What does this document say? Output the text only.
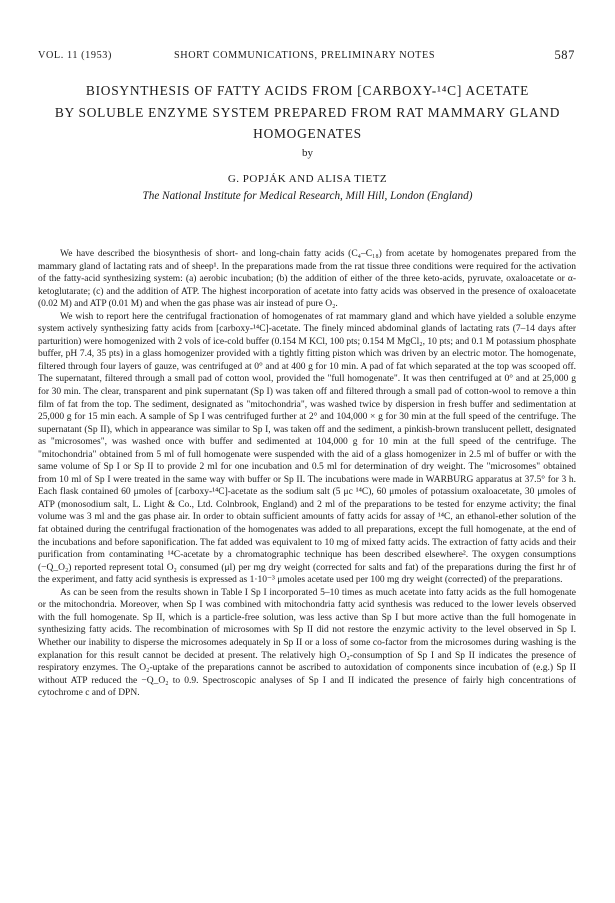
VOL. 11 (1953)	SHORT COMMUNICATIONS, PRELIMINARY NOTES	587
BIOSYNTHESIS OF FATTY ACIDS FROM [CARBOXY-¹⁴C] ACETATE
BY SOLUBLE ENZYME SYSTEM PREPARED FROM RAT MAMMARY GLAND
HOMOGENATES
by
G. POPJÁK AND ALISA TIETZ
The National Institute for Medical Research, Mill Hill, London (England)

We have described the biosynthesis of short- and long-chain fatty acids (C₄–C₁₈) from acetate by homogenates prepared from the mammary gland of lactating rats and of sheep¹. In the preparations made from the rat tissue three conditions were required for the activation of the fatty-acid synthesizing system: (a) aerobic incubation; (b) the addition of either of the three keto-acids, pyruvate, oxaloacetate or α-ketoglutarate; (c) and the addition of ATP. The highest incorporation of acetate into fatty acids was observed in the presence of oxaloacetate (0.02 M) and ATP (0.01 M) and when the gas phase was air instead of pure O₂.

We wish to report here the centrifugal fractionation of homogenates of rat mammary gland and which have yielded a soluble enzyme system actively synthesizing fatty acids from [carboxy-¹⁴C]-acetate. The finely minced abdominal glands of lactating rats (7–14 days after parturition) were homogenized with 2 vols of ice-cold buffer (0.154 M KCl, 100 pts; 0.154 M MgCl₂, 10 pts; and 0.1 M potassium phosphate buffer, pH 7.4, 35 pts) in a glass homogenizer provided with a tightly fitting piston which was driven by an electric motor. The homogenate, filtered through four layers of gauze, was centrifuged at 0° and at 400 g for 10 min. A pad of fat which separated at the top was scooped off. The supernatant, filtered through a small pad of cotton wool, provided the "full homogenate". It was then centrifuged at 0° and at 25,000 g for 30 min. The clear, transparent and pink supernatant (Sp I) was taken off and filtered through a small pad of cotton-wool to remove a thin film of fat from the top. The sediment, designated as "mitochondria", was washed twice by dispersion in fresh buffer and sedimentation at 25,000 g for 15 min each. A sample of Sp I was centrifuged further at 2° and 104,000 × g for 30 min at the full speed of the centrifuge. The supernatant (Sp II), which in appearance was similar to Sp I, was taken off and the sediment, a pinkish-brown translucent pellett, designated as "microsomes", was washed once with buffer and sedimented at 104,000 g for 10 min at the full speed of the centrifuge. The "mitochondria" obtained from 5 ml of full homogenate were suspended with the aid of a glass homogenizer in 2.5 ml of buffer or with the same volume of Sp I or Sp II to provide 2 ml for one incubation and 0.5 ml for determination of dry weight. The "microsomes" obtained from 10 ml of Sp I were treated in the same way with buffer or Sp II. The incubations were made in WARBURG apparatus at 37.5° for 3 h. Each flask contained 60 μmoles of [carboxy-¹⁴C]-acetate as the sodium salt (5 μc ¹⁴C), 60 μmoles of potassium oxaloacetate, 30 μmoles of ATP (monosodium salt, L. Light & Co., Ltd. Colnbrook, England) and 2 ml of the preparations to be tested for enzyme activity; the final volume was 3 ml and the gas phase air. In order to obtain sufficient amounts of fatty acids for assay of ¹⁴C, an ethanol-ether solution of the fat obtained during the centrifugal fractionation of the homogenates was added to all preparations, except the full homogenate, at the end of the incubations and before saponification. The fat added was equivalent to 10 mg of mixed fatty acids. The extraction of fatty acids and their purification from contaminating ¹⁴C-acetate by a chromatographic technique has been described elsewhere². The oxygen consumptions (−Q_O₂) reported represent total O₂ consumed (μl) per mg dry weight (corrected for salts and fat) of the preparations during the first hr of the experiment, and fatty acid synthesis is expressed as 1·10⁻³ μmoles acetate used per 100 mg dry weight (corrected) of the preparations.

As can be seen from the results shown in Table I Sp I incorporated 5–10 times as much acetate into fatty acids as the full homogenate or the mitochondria. Moreover, when Sp I was combined with mitochondria fatty acid synthesis was reduced to the lower levels observed with the full homogenate. Sp II, which is a particle-free solution, was less active than Sp I but more active than the full homogenate in synthesizing fatty acids. The recombination of microsomes with Sp II did not restore the enzymic activity to the level observed in Sp I. Whether our inability to disperse the microsomes adequately in Sp II or a loss of some co-factor from the microsomes during washing is the explanation for this result cannot be decided at present. The relatively high O₂-consumption of Sp I and Sp II indicates the presence of respiratory enzymes. The O₂-uptake of the preparations cannot be ascribed to autoxidation of components since incubation of (e.g.) Sp II without ATP reduced the −Q_O₂ to 0.9. Spectroscopic analyses of Sp I and II indicated the presence of fairly high concentrations of cytochrome c and of DPN.
